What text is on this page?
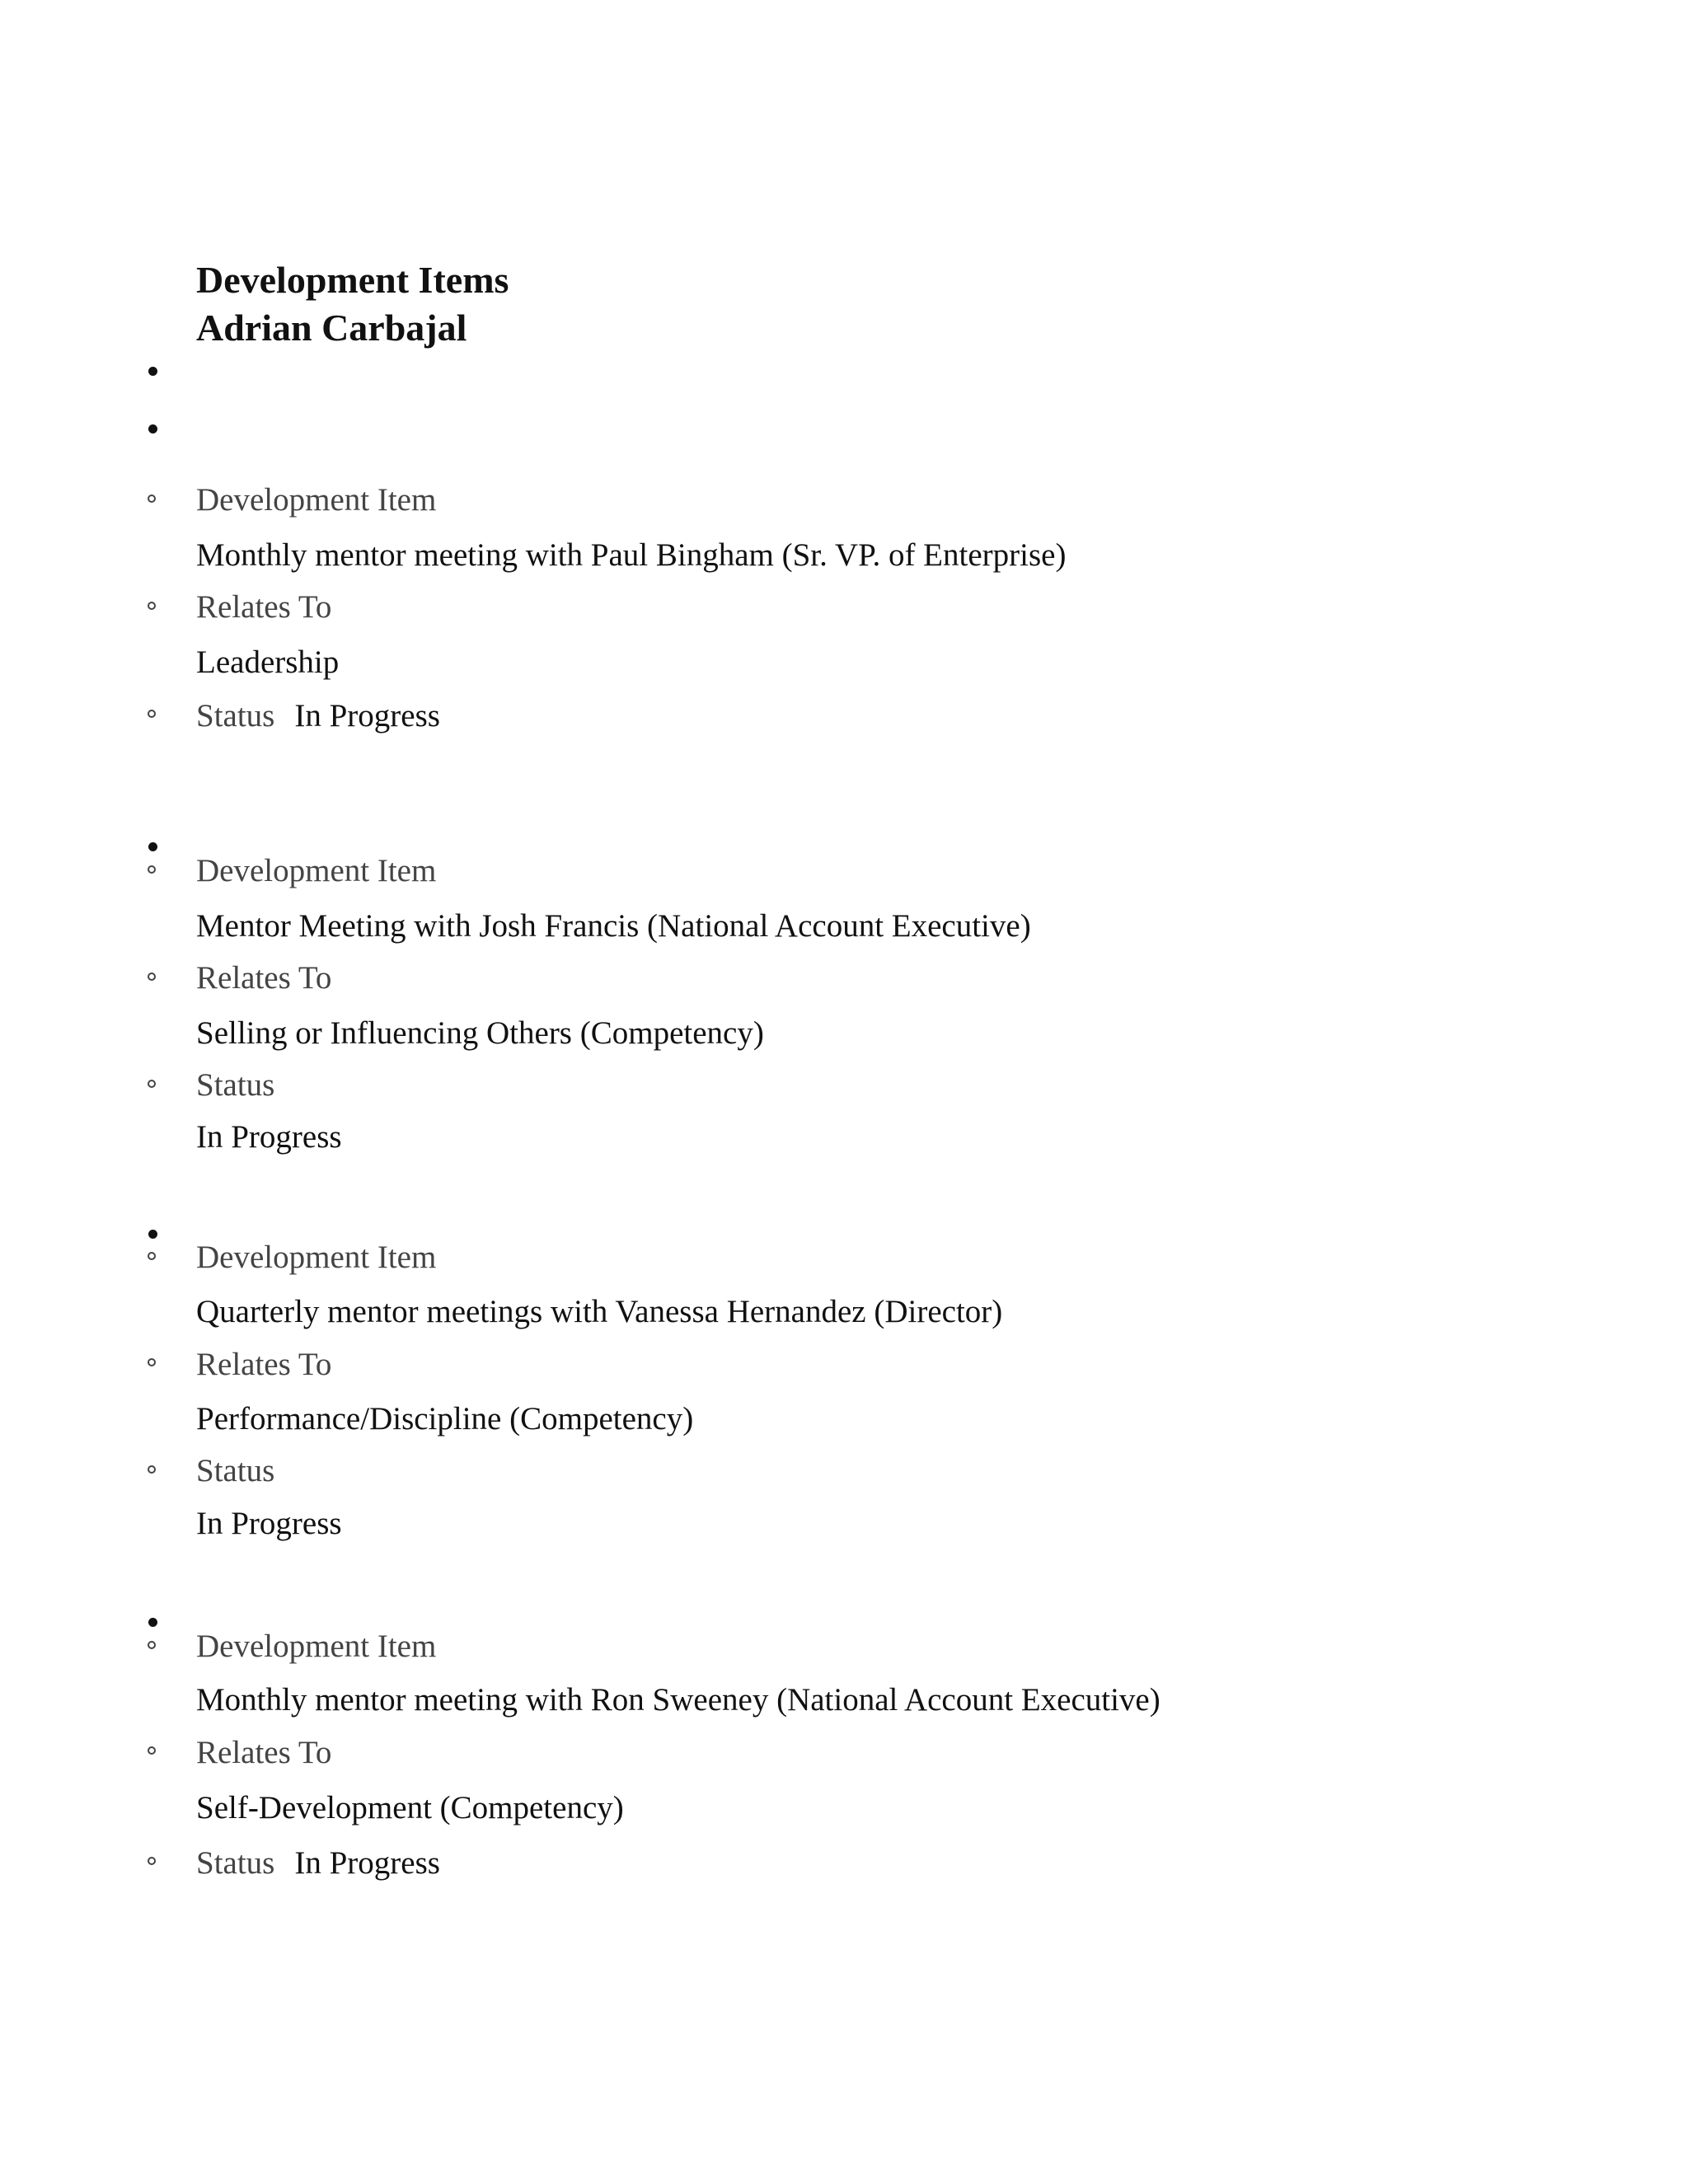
Development Items
Adrian Carbajal
Development Item
Monthly mentor meeting with Paul Bingham (Sr. VP. of Enterprise)
Relates To
Leadership
Status In Progress
Development Item
Mentor Meeting with Josh Francis (National Account Executive)
Relates To
Selling or Influencing Others (Competency)
Status
In Progress
Development Item
Quarterly mentor meetings with Vanessa Hernandez (Director)
Relates To
Performance/Discipline (Competency)
Status
In Progress
Development Item
Monthly mentor meeting with Ron Sweeney (National Account Executive)
Relates To
Self-Development (Competency)
Status In Progress
